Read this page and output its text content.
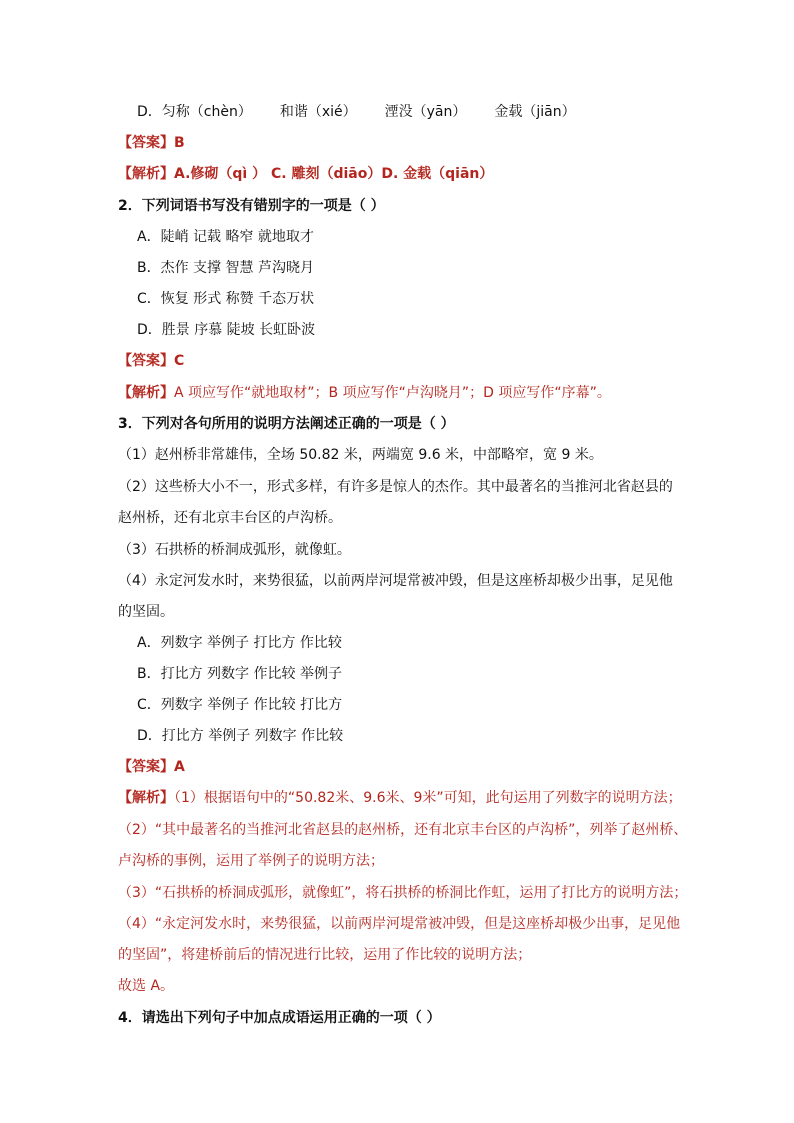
D．匀称（chèn） 和谐（xié） 湮没（yān） 金载（jiān）
【答案】B
【解析】A.修砌（qì ） C. 雕刻（diāo）D. 金载（qiān）
2．下列词语书写没有错别字的一项是（ ）
A．陡峭 记载 略窄 就地取才
B．杰作 支撑 智慧 芦沟晓月
C．恢复 形式 称赞 千态万状
D．胜景 序慕 陡坡 长虹卧波
【答案】C
【解析】A 项应写作“就地取材”；B 项应写作“卢沟晓月”；D 项应写作“序幕”。
3．下列对各句所用的说明方法阐述正确的一项是（ ）
（1）赵州桥非常雄伟，全场 50.82 米，两端宽 9.6 米，中部略窄，宽 9 米。
（2）这些桥大小不一，形式多样，有许多是惊人的杰作。其中最著名的当推河北省赵县的
赵州桥，还有北京丰台区的卢沟桥。
（3）石拱桥的桥洞成弧形，就像虹。
（4）永定河发水时，来势很猛，以前两岸河堤常被冲毁，但是这座桥却极少出事，足见他
的坚固。
A．列数字 举例子 打比方 作比较
B．打比方 列数字 作比较 举例子
C．列数字 举例子 作比较 打比方
D．打比方 举例子 列数字 作比较
【答案】A
【解析】（1）根据语句中的“50.82米、9.6米、9米”可知，此句运用了列数字的说明方法；
（2）“其中最著名的当推河北省赵县的赵州桥，还有北京丰台区的卢沟桥”，列举了赵州桥、
卢沟桥的事例，运用了举例子的说明方法；
（3）“石拱桥的桥洞成弧形，就像虹”，将石拱桥的桥洞比作虹，运用了打比方的说明方法；
（4）“永定河发水时，来势很猛，以前两岸河堤常被冲毁，但是这座桥却极少出事，足见他
的坚固”，将建桥前后的情况进行比较，运用了作比较的说明方法；
故选 A。
4．请选出下列句子中加点成语运用正确的一项（ ）
